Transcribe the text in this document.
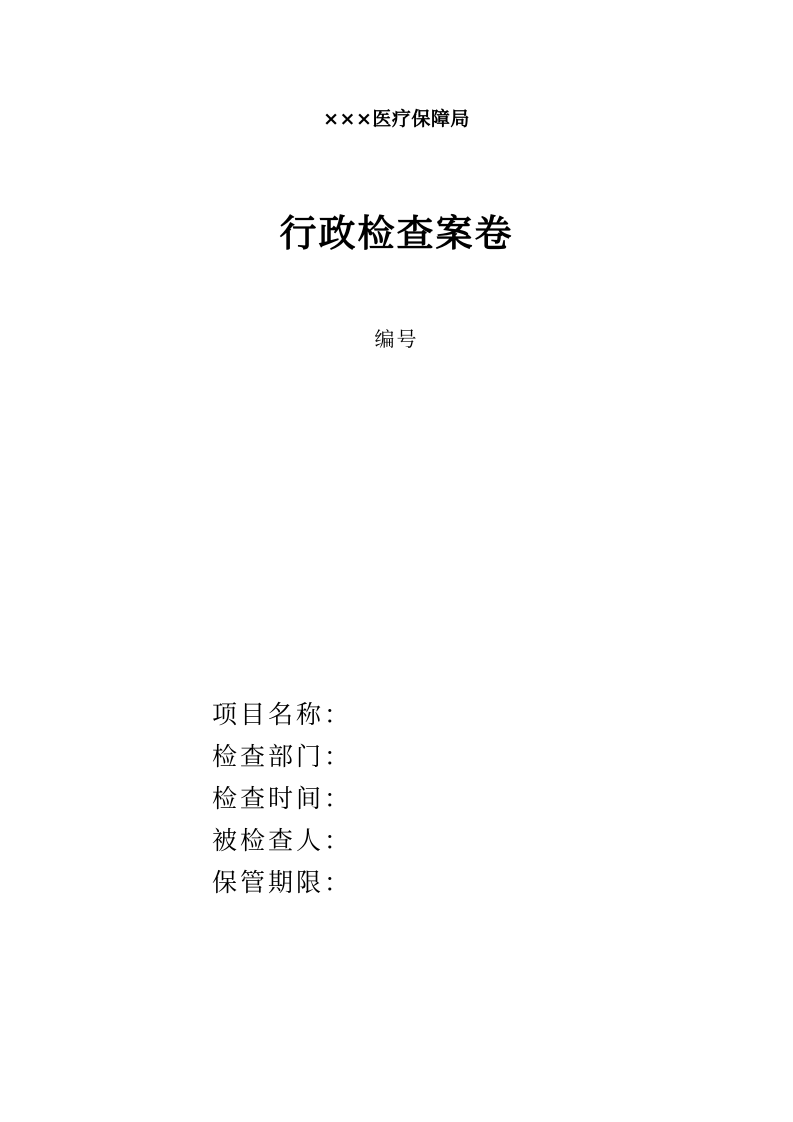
×××医疗保障局
行政检查案卷
编号
项目名称：
检查部门：
检查时间：
被检查人：
保管期限：
